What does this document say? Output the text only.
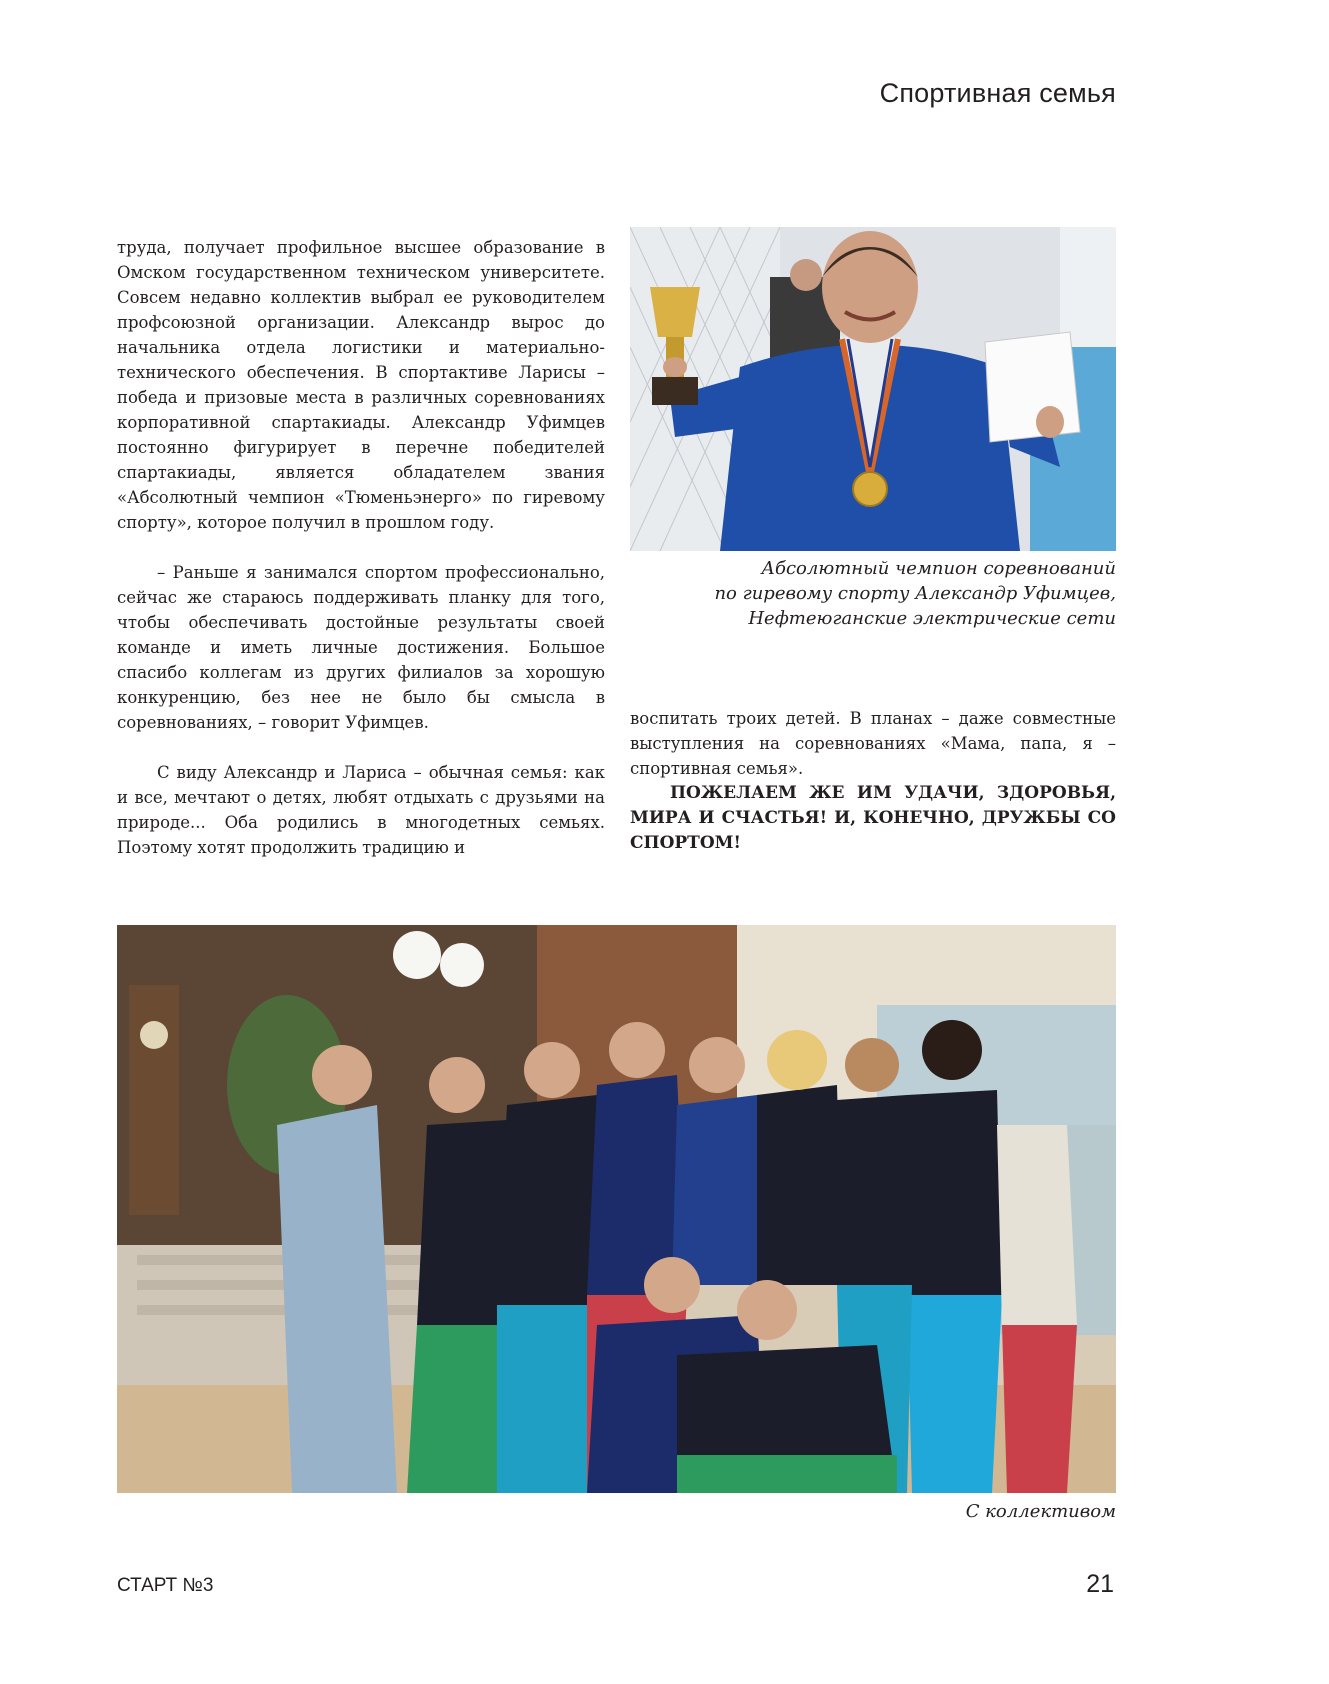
Спортивная семья

труда, получает профильное высшее образование в Омском государственном техническом университете. Совсем недавно коллектив выбрал ее руководителем профсоюзной организации. Александр вырос до начальника отдела логистики и материально-технического обеспечения. В спортактиве Ларисы – победа и призовые места в различных соревнованиях корпоративной спартакиады. Александр Уфимцев постоянно фигурирует в перечне победителей спартакиады, является обладателем звания «Абсолютный чемпион «Тюменьэнерго» по гиревому спорту», которое получил в прошлом году.

– Раньше я занимался спортом профессионально, сейчас же стараюсь поддерживать планку для того, чтобы обеспечивать достойные результаты своей команде и иметь личные достижения. Большое спасибо коллегам из других филиалов за хорошую конкуренцию, без нее не было бы смысла в соревнованиях, – говорит Уфимцев.

С виду Александр и Лариса – обычная семья: как и все, мечтают о детях, любят отдыхать с друзьями на природе... Оба родились в многодетных семьях. Поэтому хотят продолжить традицию и

Абсолютный чемпион соревнований
по гиревому спорту Александр Уфимцев,
Нефтеюганские электрические сети

воспитать троих детей. В планах – даже совместные выступления на соревнованиях «Мама, папа, я – спортивная семья».

ПОЖЕЛАЕМ ЖЕ ИМ УДАЧИ, ЗДОРОВЬЯ, МИРА И СЧАСТЬЯ! И, КОНЕЧНО, ДРУЖБЫ СО СПОРТОМ!

С коллективом
СТАРТ №3	21
